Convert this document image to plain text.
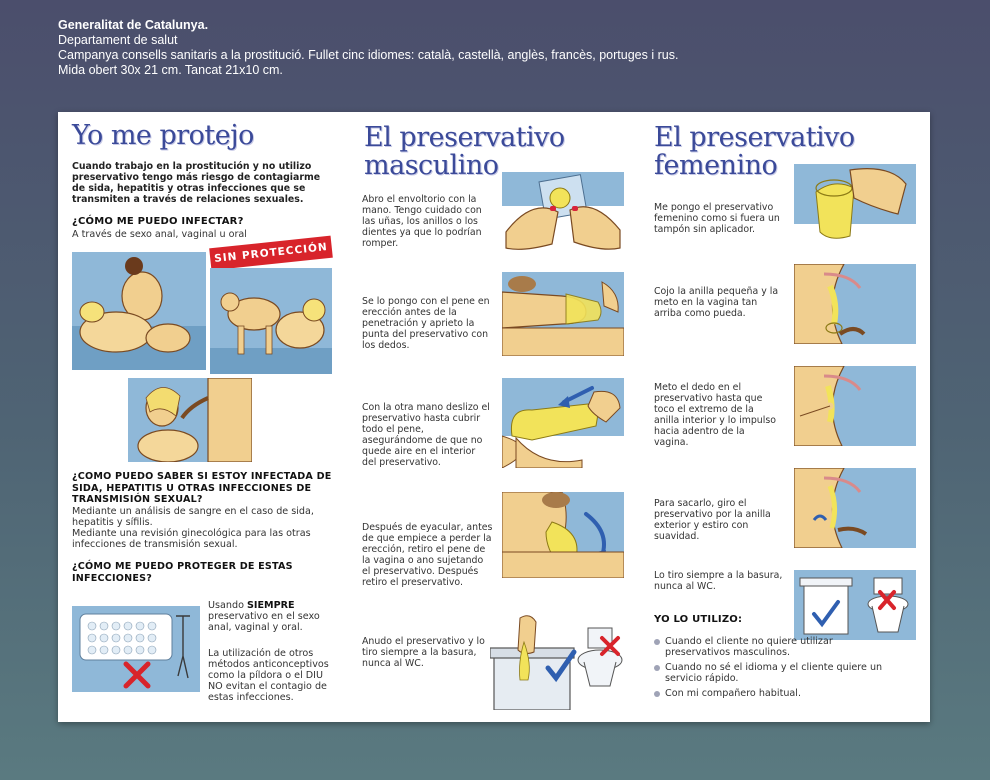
Generalitat de Catalunya.
Departament de salut
Campanya consells sanitaris a la prostitució. Fullet cinc idiomes: català, castellà, anglès, francès, portuges i rus.
Mida obert 30x 21 cm. Tancat 21x10 cm.
Yo me protejo
Cuando trabajo en la prostitución y no utilizo preservativo tengo más riesgo de contagiarme de sida, hepatitis y otras infecciones que se transmiten a través de relaciones sexuales.
¿CÓMO ME PUEDO INFECTAR?
A través de sexo anal, vaginal u oral
SIN PROTECCIÓN
¿COMO PUEDO SABER SI ESTOY INFECTADA DE SIDA, HEPATITIS U OTRAS INFECCIONES DE TRANSMISIÓN SEXUAL?
Mediante un análisis de sangre en el caso de sida, hepatitis y sífilis.
Mediante una revisión ginecológica para las otras infecciones de transmisión sexual.
¿CÓMO ME PUEDO PROTEGER DE ESTAS INFECCIONES?
Usando SIEMPRE preservativo en el sexo anal, vaginal y oral.
La utilización de otros métodos anticonceptivos como la píldora o el DIU NO evitan el contagio de estas infecciones.
El preservativo
masculino
Abro el envoltorio con la mano. Tengo cuidado con las uñas, los anillos o los dientes ya que lo podrían romper.
Se lo pongo con el pene en erección antes de la penetración y aprieto la punta del preservativo con los dedos.
Con la otra mano deslizo el preservativo hasta cubrir todo el pene, asegurándome de que no quede aire en el interior del preservativo.
Después de eyacular, antes de que empiece a perder la erección, retiro el pene de la vagina o ano sujetando el preservativo. Después retiro el preservativo.
Anudo el preservativo y lo tiro siempre a la basura, nunca al WC.
El preservativo
femenino
Me pongo el preservativo femenino como si fuera un tampón sin aplicador.
Cojo la anilla pequeña y la meto en la vagina tan arriba como pueda.
Meto el dedo en el preservativo hasta que toco el extremo de la anilla interior y lo impulso hacia adentro de la vagina.
Para sacarlo, giro el preservativo por la anilla exterior y estiro con suavidad.
Lo tiro siempre a la basura, nunca al WC.
YO LO UTILIZO:
Cuando el cliente no quiere utilizar preservativos masculinos.
Cuando no sé el idioma y el cliente quiere un servicio rápido.
Con mi compañero habitual.
